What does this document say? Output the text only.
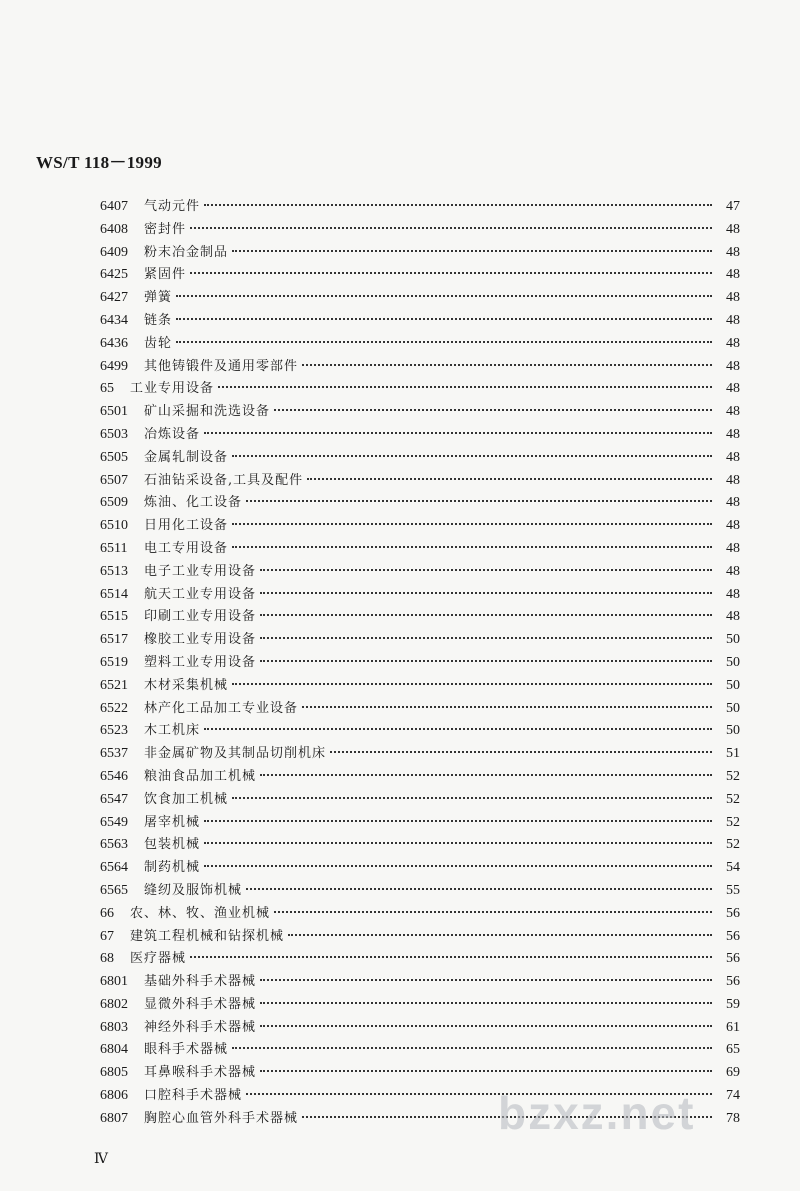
WS/T 118－1999
6407 气动元件	47
6408 密封件	48
6409 粉末冶金制品	48
6425 紧固件	48
6427 弹簧	48
6434 链条	48
6436 齿轮	48
6499 其他铸锻件及通用零部件	48
65 工业专用设备	48
6501 矿山采掘和洗选设备	48
6503 冶炼设备	48
6505 金属轧制设备	48
6507 石油钻采设备,工具及配件	48
6509 炼油、化工设备	48
6510 日用化工设备	48
6511 电工专用设备	48
6513 电子工业专用设备	48
6514 航天工业专用设备	48
6515 印刷工业专用设备	48
6517 橡胶工业专用设备	50
6519 塑料工业专用设备	50
6521 木材采集机械	50
6522 林产化工品加工专业设备	50
6523 木工机床	50
6537 非金属矿物及其制品切削机床	51
6546 粮油食品加工机械	52
6547 饮食加工机械	52
6549 屠宰机械	52
6563 包装机械	52
6564 制药机械	54
6565 缝纫及服饰机械	55
66 农、林、牧、渔业机械	56
67 建筑工程机械和钻探机械	56
68 医疗器械	56
6801 基础外科手术器械	56
6802 显微外科手术器械	59
6803 神经外科手术器械	61
6804 眼科手术器械	65
6805 耳鼻喉科手术器械	69
6806 口腔科手术器械	74
6807 胸腔心血管外科手术器械	78
Ⅳ
bzxz.net
